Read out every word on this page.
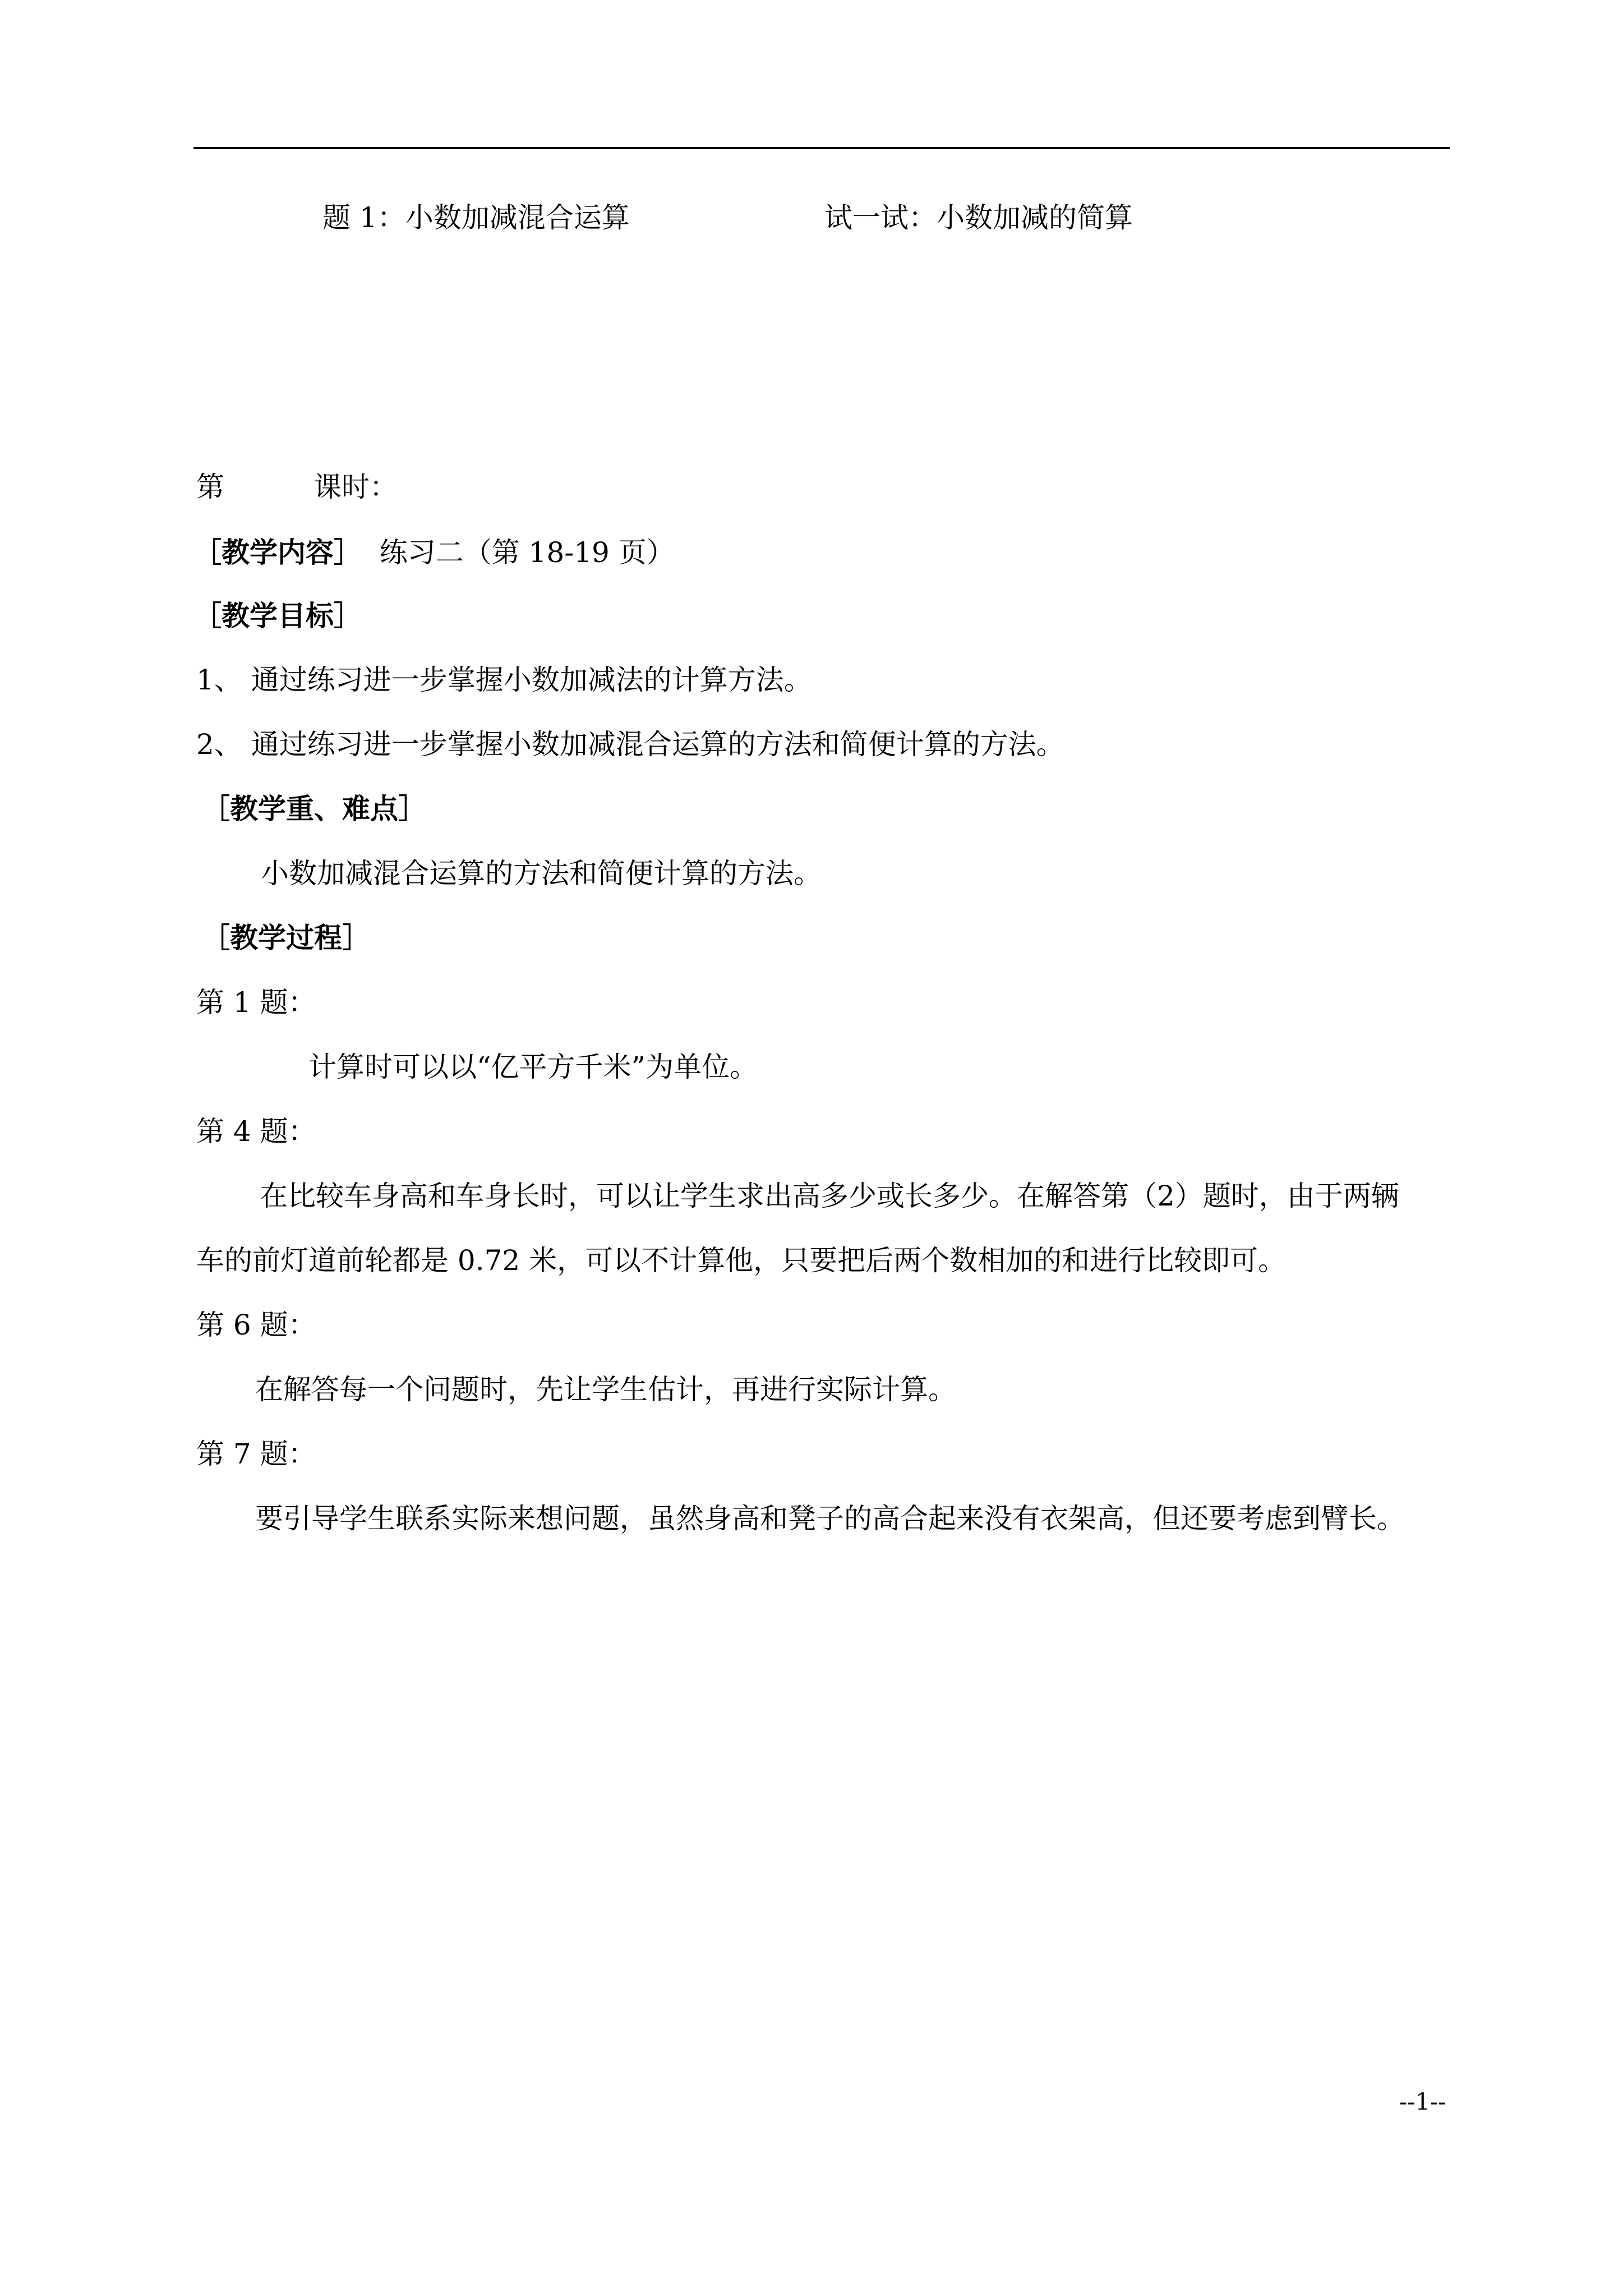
题 1：小数加减混合运算	试一试：小数加减的简算
第          课时：
［教学内容］  练习二（第 18-19 页）
［教学目标］
1、 通过练习进一步掌握小数加减法的计算方法。
2、 通过练习进一步掌握小数加减混合运算的方法和简便计算的方法。
［教学重、难点］
小数加减混合运算的方法和简便计算的方法。
［教学过程］
第 1 题：
计算时可以以“亿平方千米”为单位。
第 4 题：
在比较车身高和车身长时，可以让学生求出高多少或长多少。在解答第（2）题时，由于两辆
车的前灯道前轮都是 0.72 米，可以不计算他，只要把后两个数相加的和进行比较即可。
第 6 题：
在解答每一个问题时，先让学生估计，再进行实际计算。
第 7 题：
要引导学生联系实际来想问题，虽然身高和凳子的高合起来没有衣架高，但还要考虑到臂长。
--1--
